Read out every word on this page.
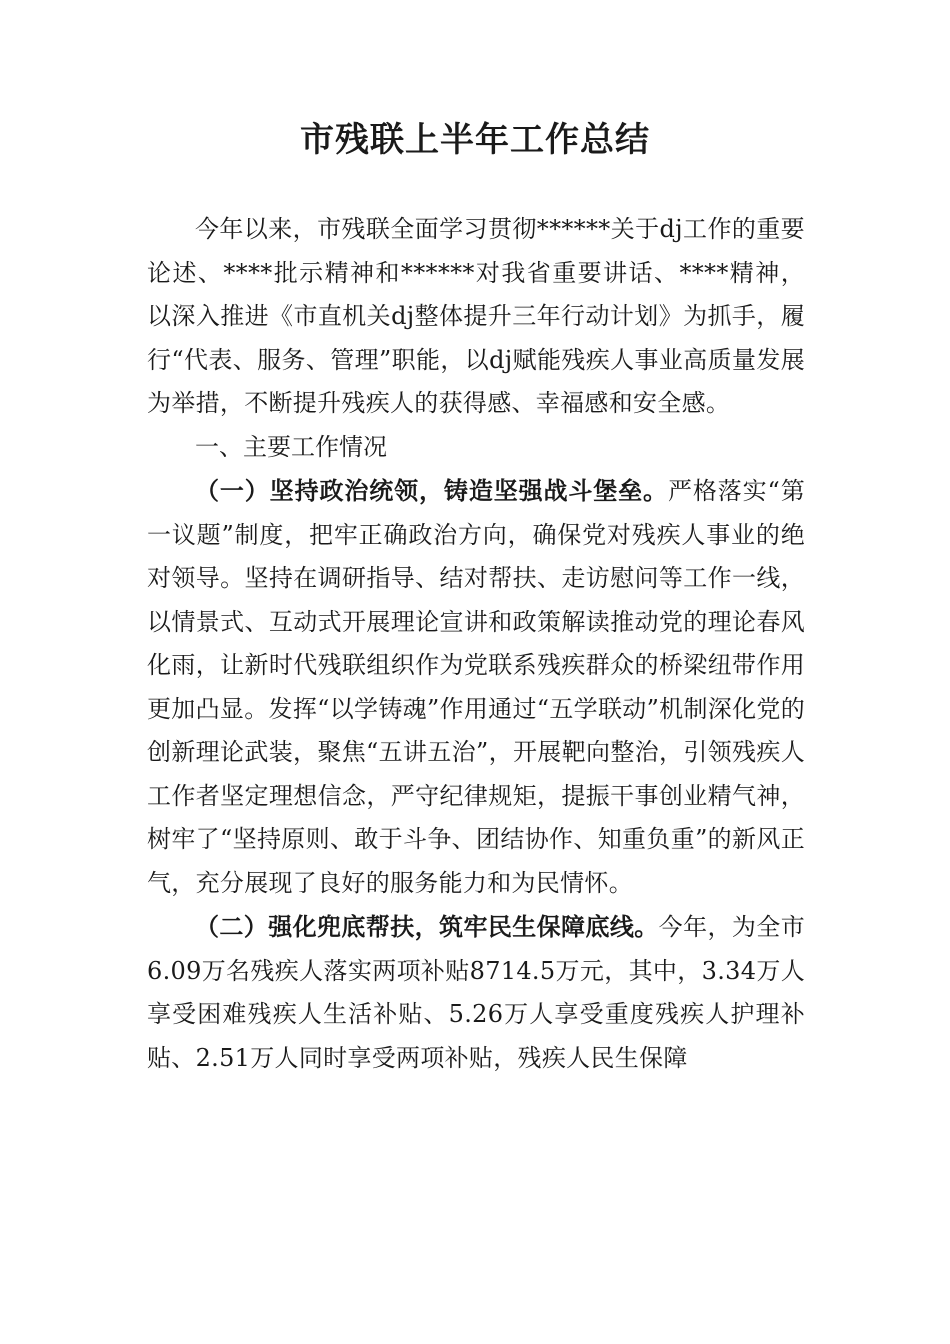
市残联上半年工作总结

今年以来，市残联全面学习贯彻******关于dj工作的重要论述、****批示精神和******对我省重要讲话、****精神，以深入推进《市直机关dj整体提升三年行动计划》为抓手，履行“代表、服务、管理”职能，以dj赋能残疾人事业高质量发展为举措，不断提升残疾人的获得感、幸福感和安全感。

一、主要工作情况

（一）坚持政治统领，铸造坚强战斗堡垒。严格落实“第一议题”制度，把牢正确政治方向，确保党对残疾人事业的绝对领导。坚持在调研指导、结对帮扶、走访慰问等工作一线，以情景式、互动式开展理论宣讲和政策解读推动党的理论春风化雨，让新时代残联组织作为党联系残疾群众的桥梁纽带作用更加凸显。发挥“以学铸魂”作用通过“五学联动”机制深化党的创新理论武装，聚焦“五讲五治”，开展靶向整治，引领残疾人工作者坚定理想信念，严守纪律规矩，提振干事创业精气神，树牢了“坚持原则、敢于斗争、团结协作、知重负重”的新风正气，充分展现了良好的服务能力和为民情怀。

（二）强化兜底帮扶，筑牢民生保障底线。今年，为全市6.09万名残疾人落实两项补贴8714.5万元，其中，3.34万人享受困难残疾人生活补贴、5.26万人享受重度残疾人护理补贴、2.51万人同时享受两项补贴，残疾人民生保障
